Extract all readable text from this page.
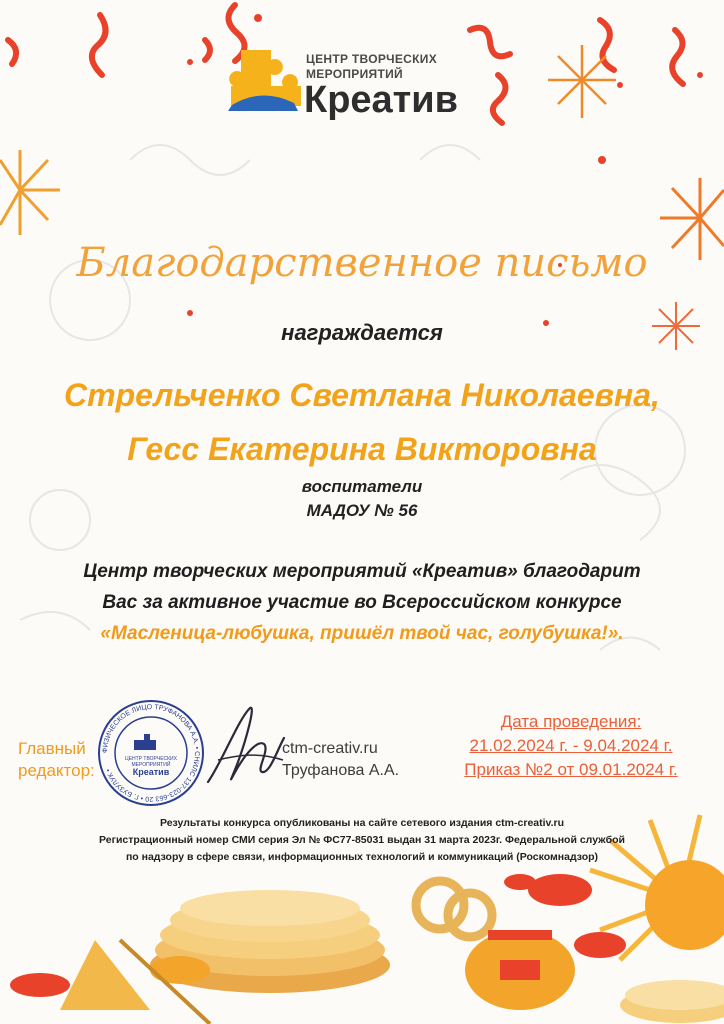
ЦЕНТР ТВОРЧЕСКИХ
МЕРОПРИЯТИЙ
Креатив
Благодарственное письмо
награждается
Стрельченко Светлана Николаевна,
Гесс Екатерина Викторовна
воспитатели
МАДОУ № 56
Центр творческих мероприятий «Креатив» благодарит
Вас за активное участие во Всероссийском конкурсе
«Масленица-любушка, пришёл твой час, голубушка!».
Главный
редактор:
ФИЗИЧЕСКОЕ ЛИЦО ТРУФАНОВА А.А. • СНИЛС 137-023-663 20 • Г. БУЗУЛУК •
ЦЕНТР ТВОРЧЕСКИХ
МЕРОПРИЯТИЙ
Креатив
ctm-creativ.ru
Труфанова А.А.
Дата проведения:
21.02.2024 г. - 9.04.2024 г.
Приказ №2 от 09.01.2024 г.
Результаты конкурса опубликованы на сайте сетевого издания ctm-creativ.ru
Регистрационный номер СМИ серия Эл № ФС77-85031 выдан 31 марта 2023г. Федеральной службой
по надзору в сфере связи, информационных технологий и коммуникаций (Роскомнадзор)
